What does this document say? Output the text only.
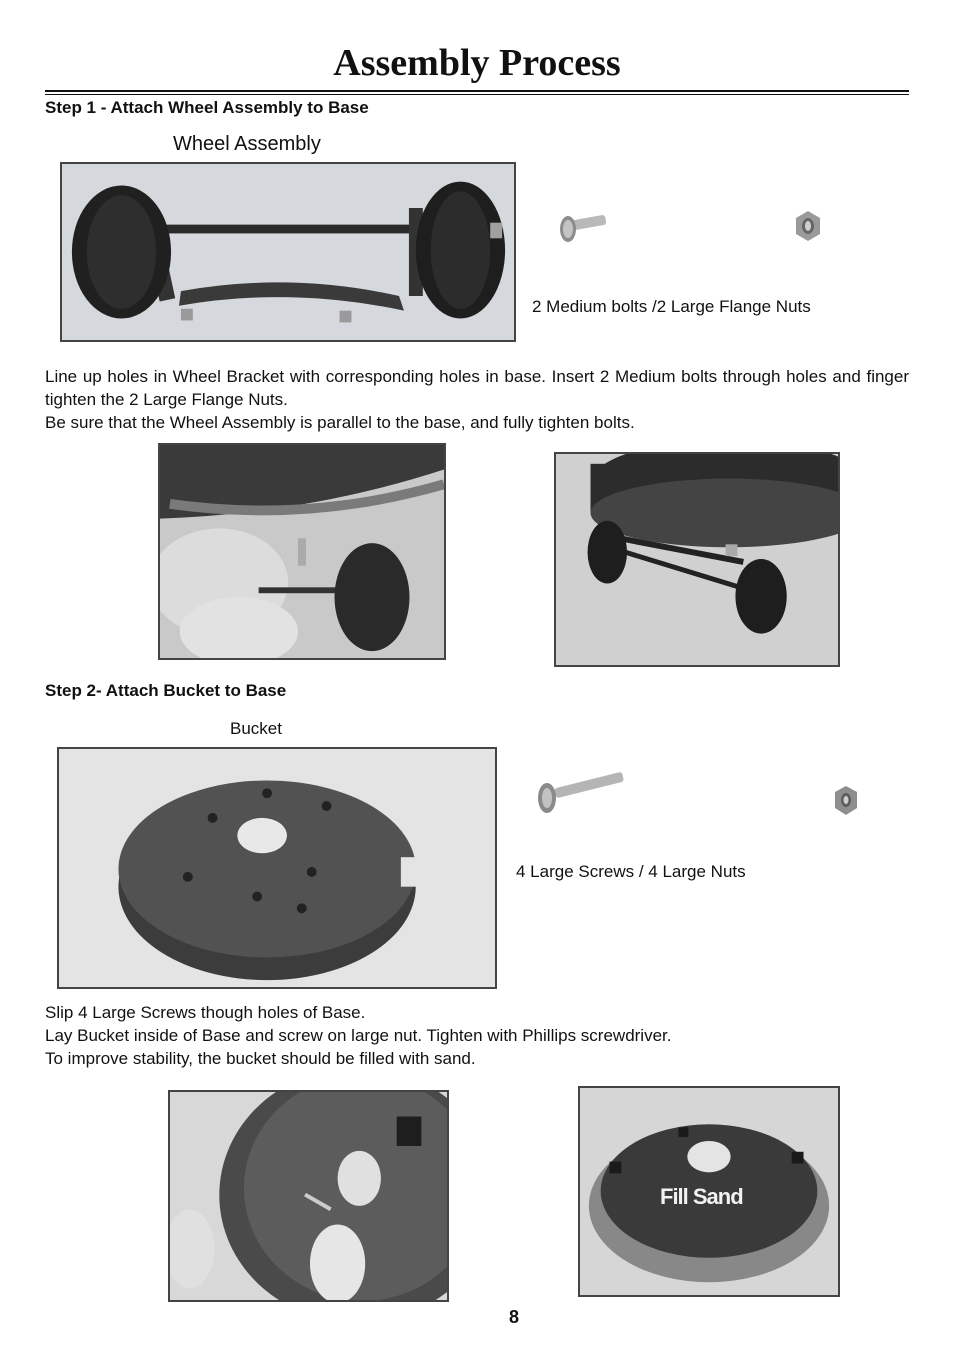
Assembly Process
Step 1 - Attach Wheel Assembly to Base
Wheel Assembly
2 Medium bolts /2 Large Flange Nuts

Line up holes in Wheel Bracket with corresponding holes in base. Insert 2 Medium bolts through holes and finger tighten the 2 Large Flange Nuts.

Be sure that the Wheel Assembly is parallel to the base, and fully tighten bolts.

Step 2- Attach Bucket to Base
Bucket
4 Large Screws / 4 Large Nuts

Slip 4 Large Screws though holes of Base.

Lay Bucket inside of Base and screw on large nut. Tighten with Phillips screwdriver.

To improve stability, the bucket should be filled with sand.

Fill Sand
8
